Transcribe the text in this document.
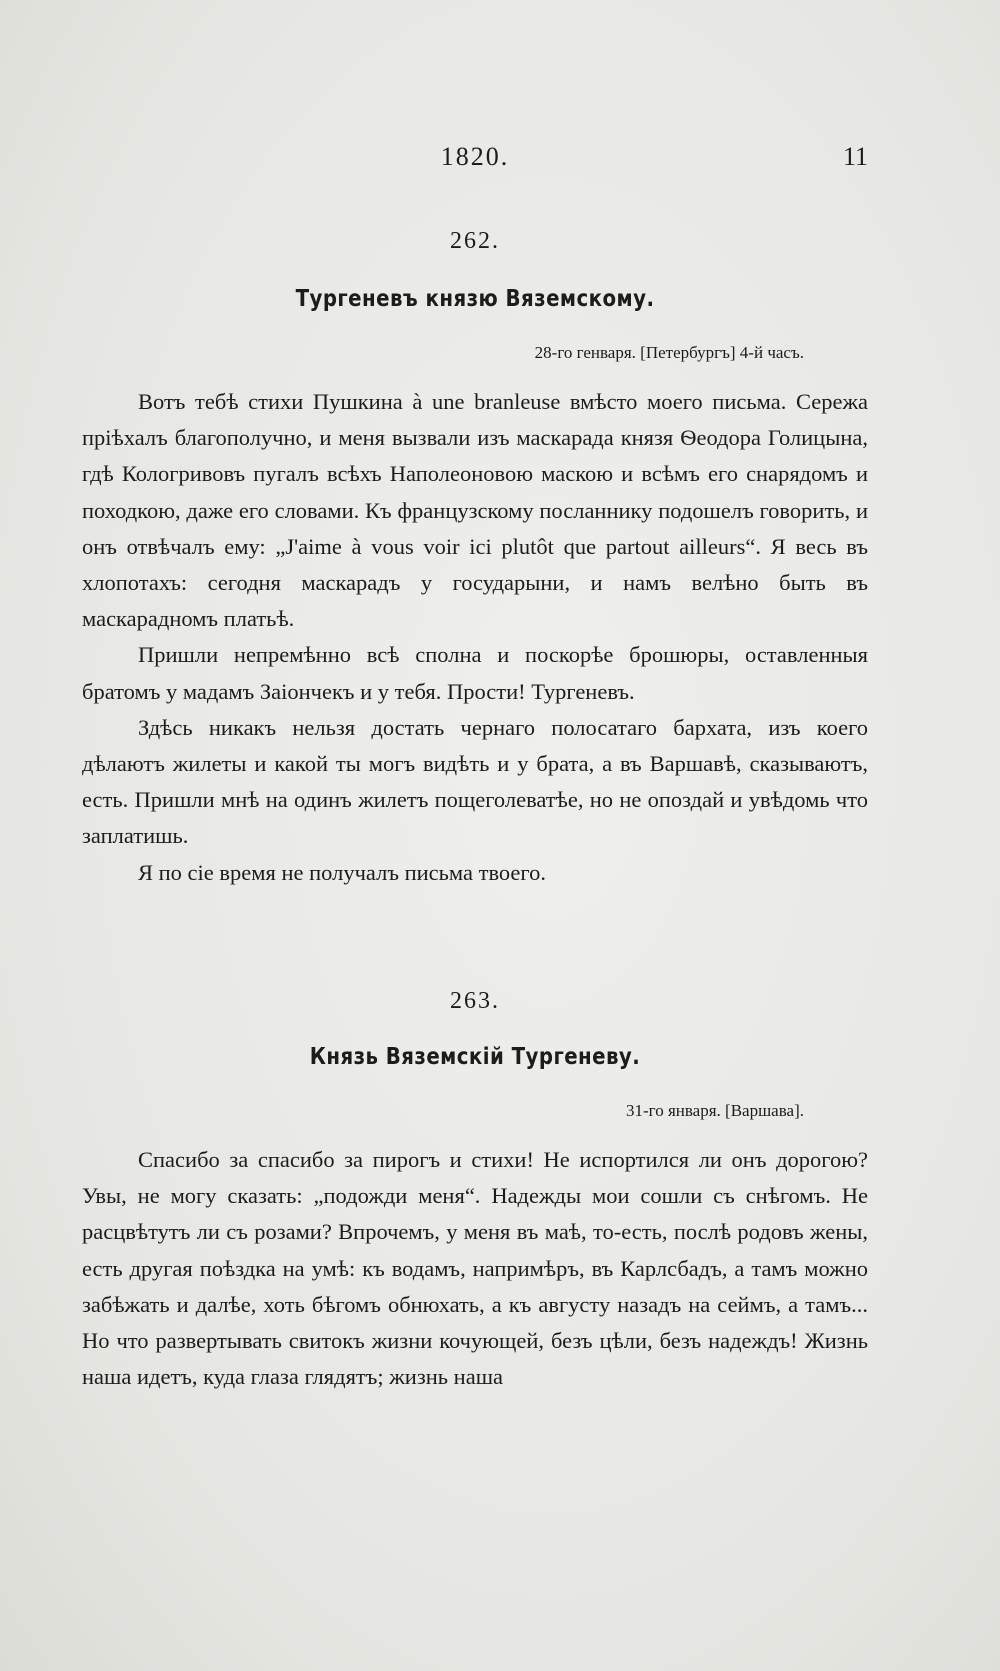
1820.	11
262.
Тургеневъ князю Вяземскому.
28-го генваря. [Петербургъ] 4-й часъ.

Вотъ тебѣ стихи Пушкина à une branleuse вмѣсто моего письма. Сережа прiѣхалъ благополучно, и меня вызвали изъ маскарада князя Ѳеодора Голицына, гдѣ Кологривовъ пугалъ всѣхъ Наполеоновою маскою и всѣмъ его снарядомъ и походкою, даже его словами. Къ французскому посланнику подошелъ говорить, и онъ отвѣчалъ ему: „J'aime à vous voir ici plutôt que partout ailleurs“. Я весь въ хлопотахъ: сегодня маскарадъ у государыни, и намъ велѣно быть въ маскарадномъ платьѣ.

Пришли непремѣнно всѣ сполна и поскорѣе брошюры, оставленныя братомъ у мадамъ Заiончекъ и у тебя. Прости! Тургеневъ.

Здѣсь никакъ нельзя достать чернаго полосатаго бархата, изъ коего дѣлаютъ жилеты и какой ты могъ видѣть и у брата, а въ Варшавѣ, сказываютъ, есть. Пришли мнѣ на одинъ жилетъ пощеголеватѣе, но не опоздай и увѣдомь что заплатишь.

Я по сiе время не получалъ письма твоего.

263.
Князь Вяземскiй Тургеневу.
31-го января. [Варшава].

Спасибо за спасибо за пирогъ и стихи! Не испортился ли онъ дорогою? Увы, не могу сказать: „подожди меня“. Надежды мои сошли съ снѣгомъ. Не расцвѣтутъ ли съ розами? Впрочемъ, у меня въ маѣ, то-есть, послѣ родовъ жены, есть другая поѣздка на умѣ: къ водамъ, напримѣръ, въ Карлсбадъ, а тамъ можно забѣжать и далѣе, хоть бѣгомъ обнюхать, а къ августу назадъ на сеймъ, а тамъ... Но что развертывать свитокъ жизни кочующей, безъ цѣли, безъ надеждъ! Жизнь наша идетъ, куда глаза глядятъ; жизнь наша
